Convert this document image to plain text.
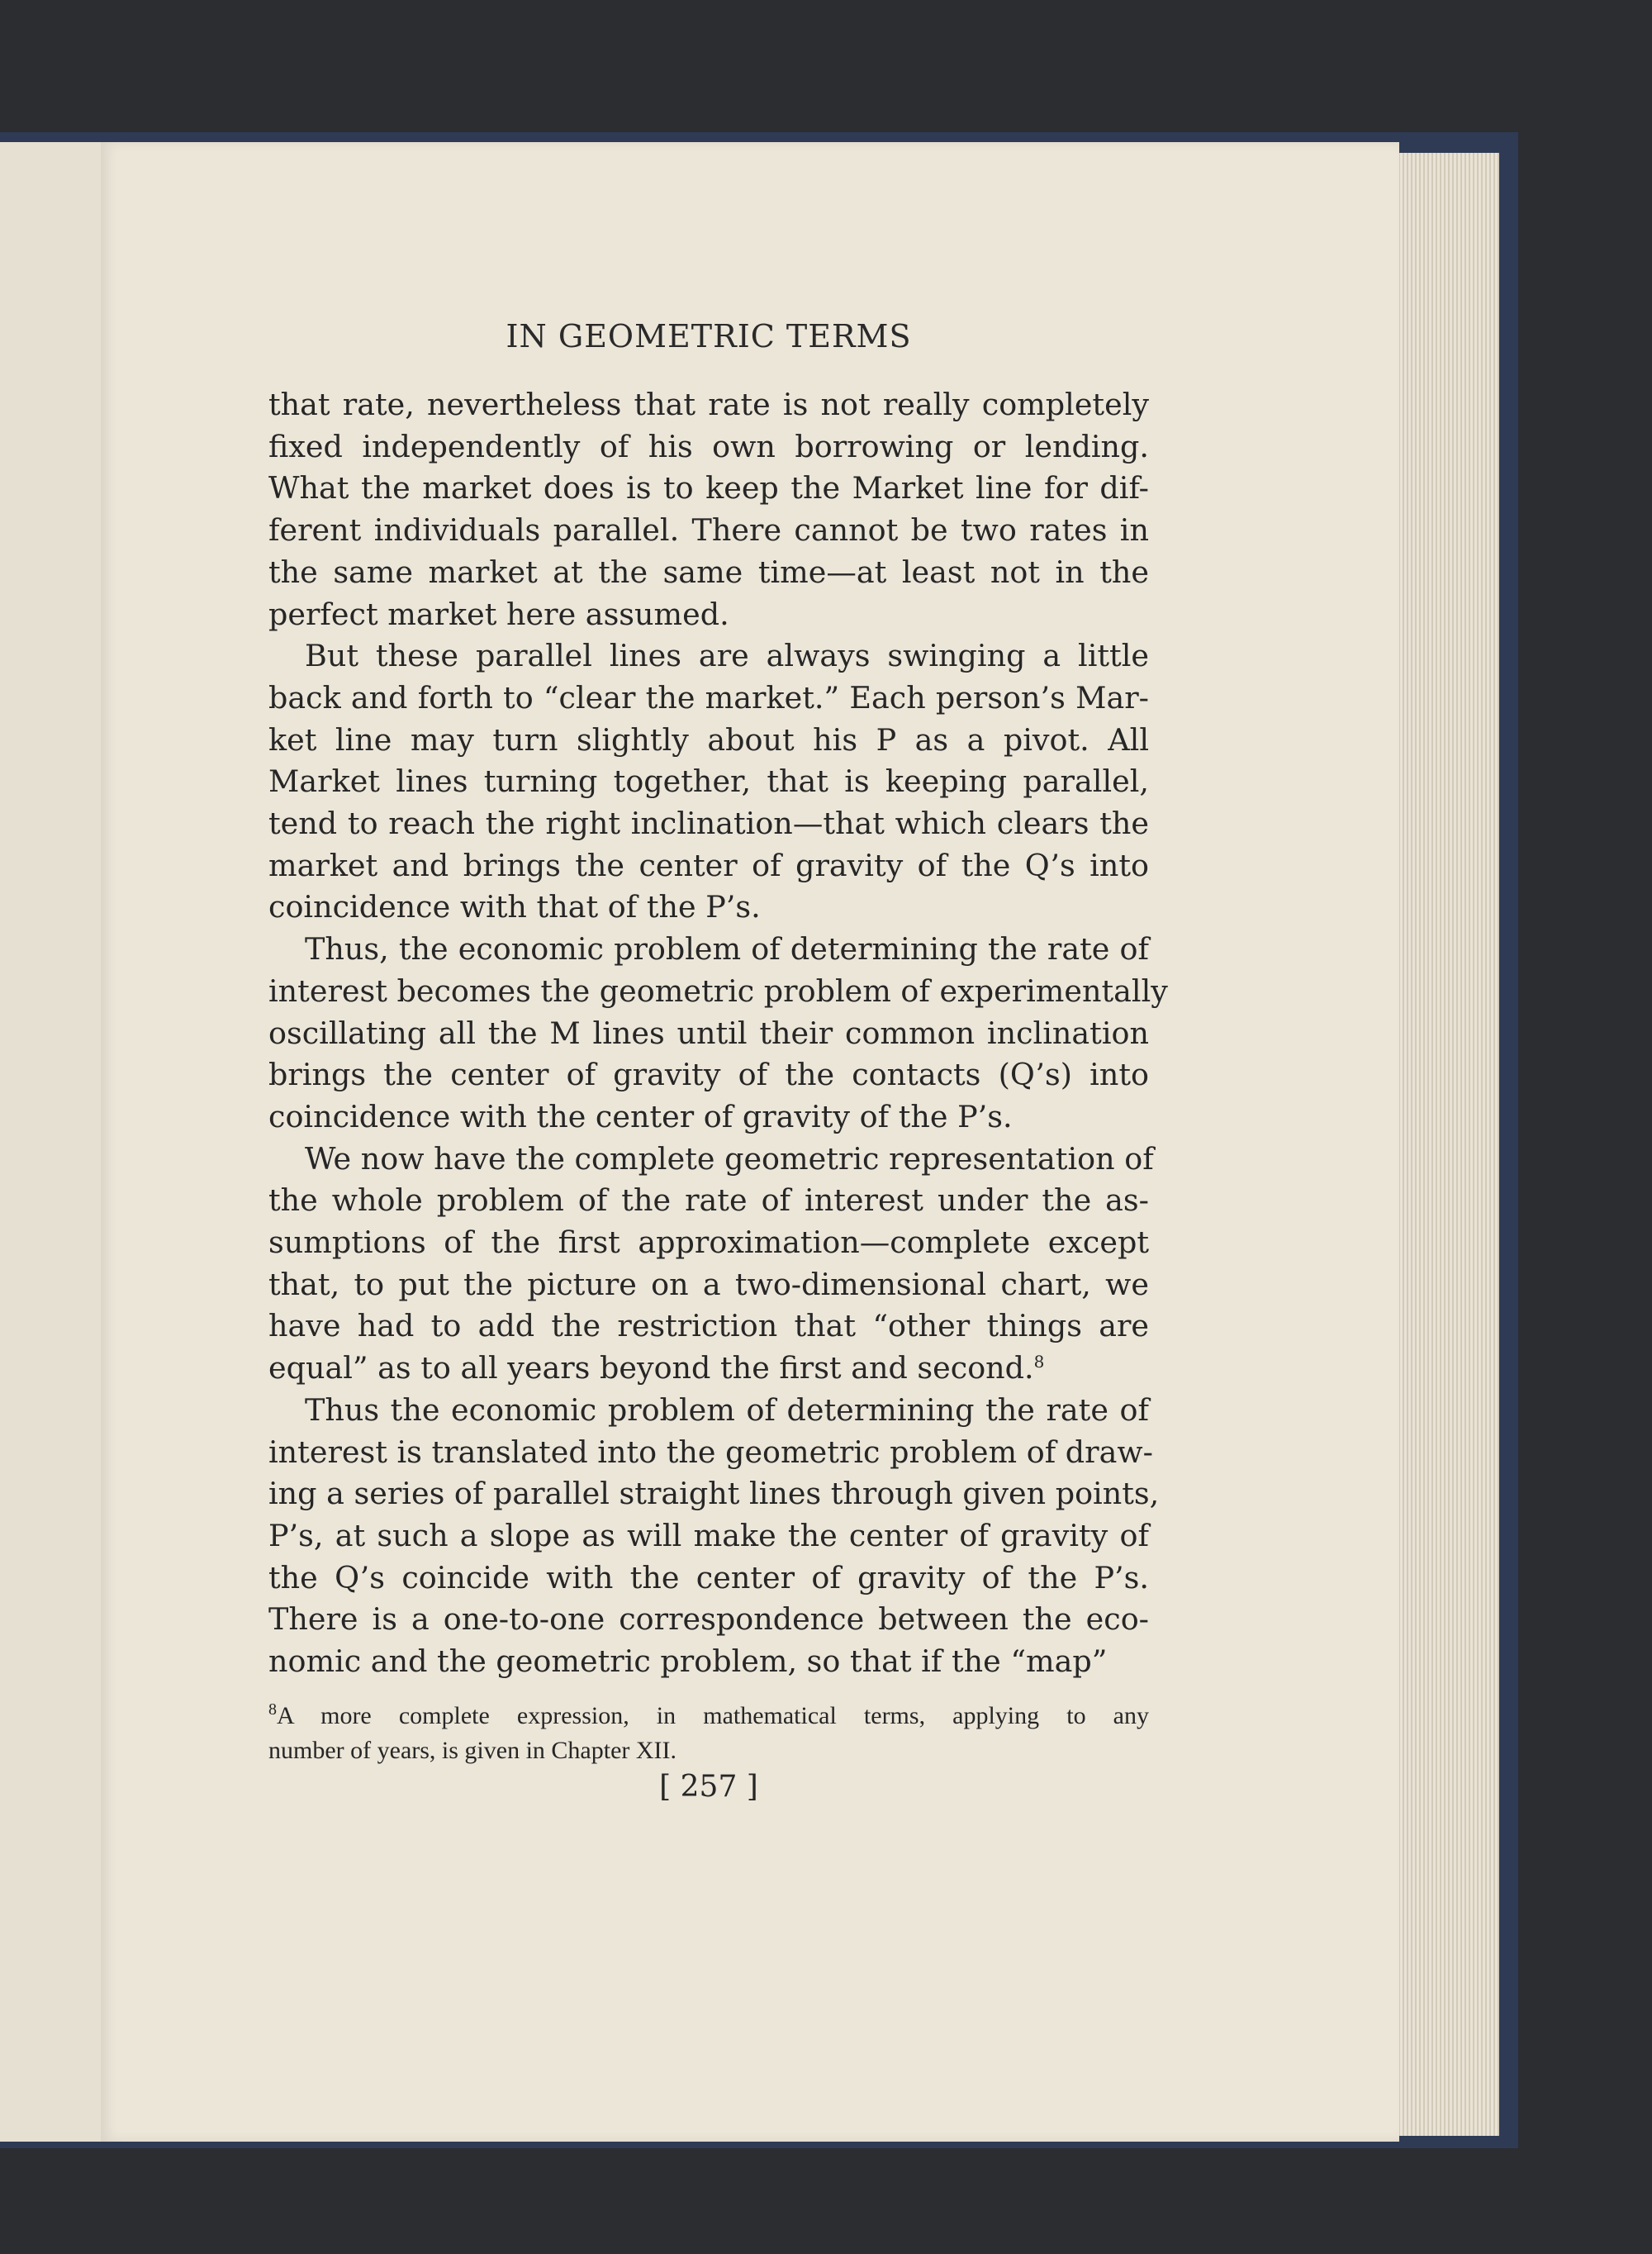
IN GEOMETRIC TERMS
that rate, nevertheless that rate is not really completely
fixed independently of his own borrowing or lending.
What the market does is to keep the Market line for dif-
ferent individuals parallel. There cannot be two rates in
the same market at the same time—at least not in the
perfect market here assumed.
But these parallel lines are always swinging a little
back and forth to “clear the market.” Each person’s Mar-
ket line may turn slightly about his P as a pivot. All
Market lines turning together, that is keeping parallel,
tend to reach the right inclination—that which clears the
market and brings the center of gravity of the Q’s into
coincidence with that of the P’s.
Thus, the economic problem of determining the rate of
interest becomes the geometric problem of experimentally
oscillating all the M lines until their common inclination
brings the center of gravity of the contacts (Q’s) into
coincidence with the center of gravity of the P’s.
We now have the complete geometric representation of
the whole problem of the rate of interest under the as-
sumptions of the first approximation—complete except
that, to put the picture on a two-dimensional chart, we
have had to add the restriction that “other things are
equal” as to all years beyond the first and second.$^8$
Thus the economic problem of determining the rate of
interest is translated into the geometric problem of draw-
ing a series of parallel straight lines through given points,
P’s, at such a slope as will make the center of gravity of
the Q’s coincide with the center of gravity of the P’s.
There is a one-to-one correspondence between the eco-
nomic and the geometric problem, so that if the “map”
$^8$A more complete expression, in mathematical terms, applying to any
number of years, is given in Chapter XII.
[ 257 ]
